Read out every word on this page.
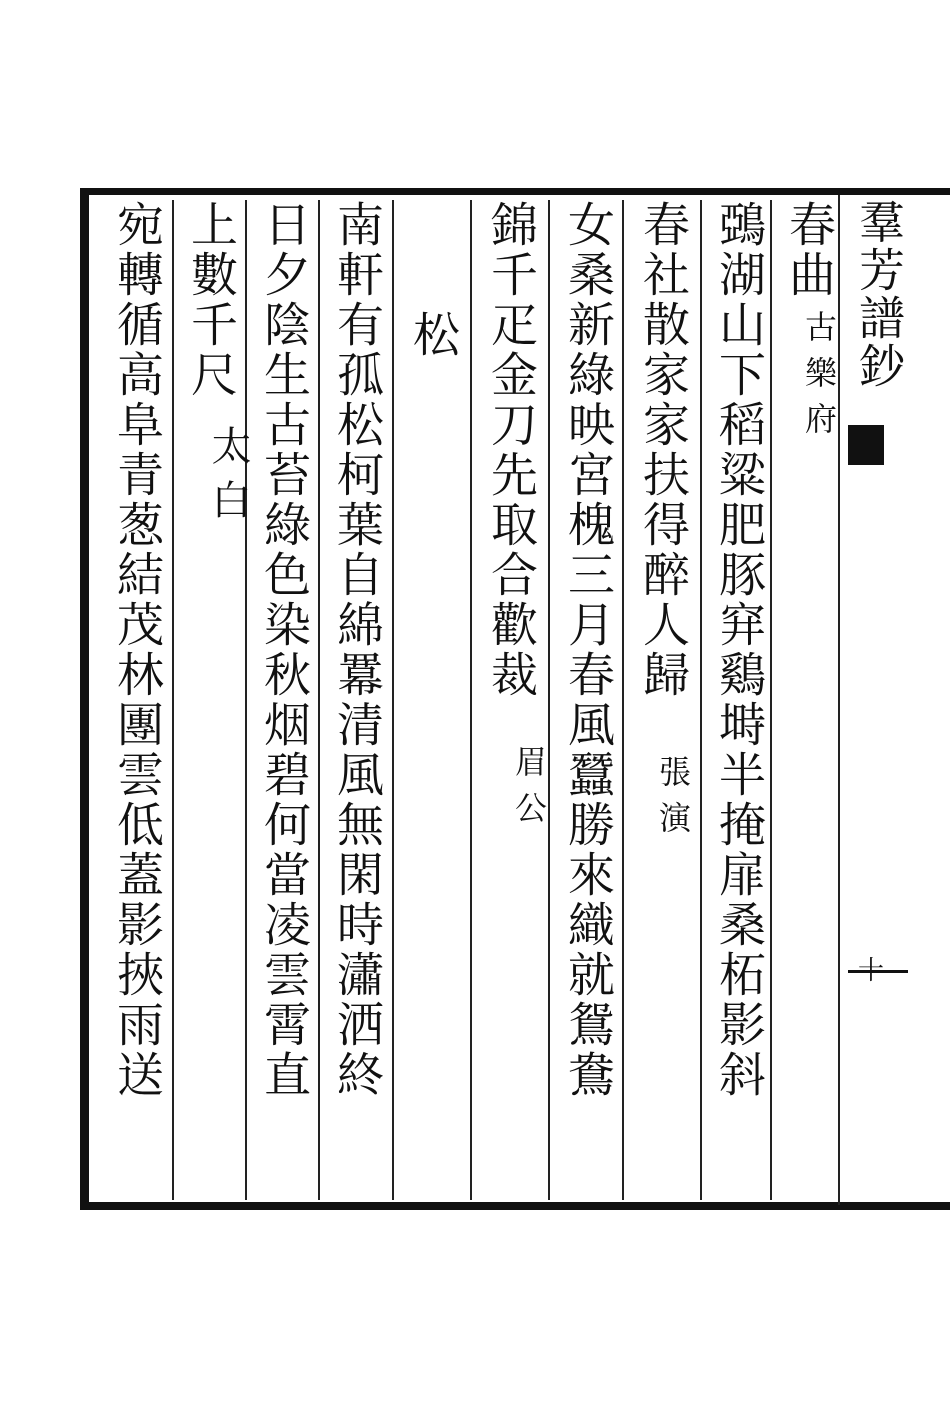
羣芳譜鈔
十
春曲
古樂府
鵶湖山下稻粱肥豚穽鷄塒半掩扉桑柘影斜
春社散家家扶得醉人歸
張演
女桑新綠映宮槐三月春風蠶勝來織就鴛鴦
錦千疋金刀先取合歡裁
眉公
松
南軒有孤松柯葉自綿羃清風無閑時瀟洒終
日夕陰生古苔綠色染秋烟碧何當凌雲霄直
上數千尺
太白
宛轉循高阜青葱結茂林團雲低蓋影挾雨送
